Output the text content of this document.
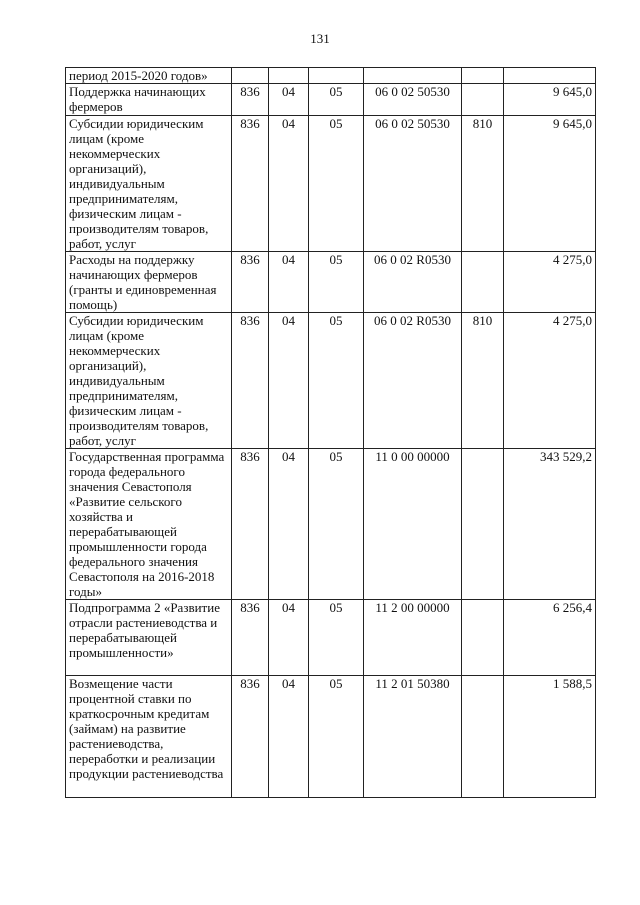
131
период 2015-2020 годов»						
Поддержка начинающих фермеров	836	04	05	06 0 02 50530		9 645,0
Субсидии юридическим лицам (кроме некоммерческих организаций), индивидуальным предпринимателям, физическим лицам - производителям товаров, работ, услуг	836	04	05	06 0 02 50530	810	9 645,0
Расходы на поддержку начинающих фермеров (гранты и единовременная помощь)	836	04	05	06 0 02 R0530		4 275,0
Субсидии юридическим лицам (кроме некоммерческих организаций), индивидуальным предпринимателям, физическим лицам - производителям товаров, работ, услуг	836	04	05	06 0 02 R0530	810	4 275,0
Государственная программа города федерального значения Севастополя «Развитие сельского хозяйства и перерабатывающей промышленности города федерального значения Севастополя на 2016-2018 годы»	836	04	05	11 0 00 00000		343 529,2
Подпрограмма 2 «Развитие отрасли растениеводства и перерабатывающей промышленности»	836	04	05	11 2 00 00000		6 256,4
Возмещение части процентной ставки по краткосрочным кредитам (займам) на развитие растениеводства, переработки и реализации продукции растениеводства	836	04	05	11 2 01 50380		1 588,5
